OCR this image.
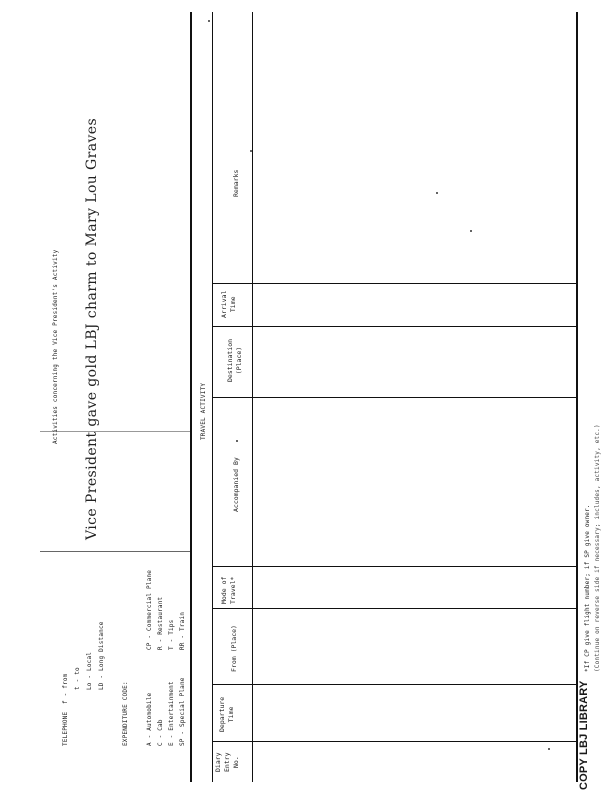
TELEPHONE
f - from t - to Lo - Local LD - Long Distance
EXPENDITURE CODE:	A - Automobile C - Cab E - Entertainment SP - Special Plane
CP - Commercial Plane R - Restaurant T - Tips RR - Train
Activities concerning the Vice President's Activity Vice President gave gold LBJ charm to Mary Lou Graves	TRAVEL ACTIVITY
Diary Entry No.
Departure Time
From (Place)
Mode of Travel*
Accompanied By
Destination (Place)
Arrival Time
Remarks
COPY LBJ LIBRARY
*If CP give flight number; if SP give owner. (Continue on reverse side if necessary; includes, activity, etc.)
